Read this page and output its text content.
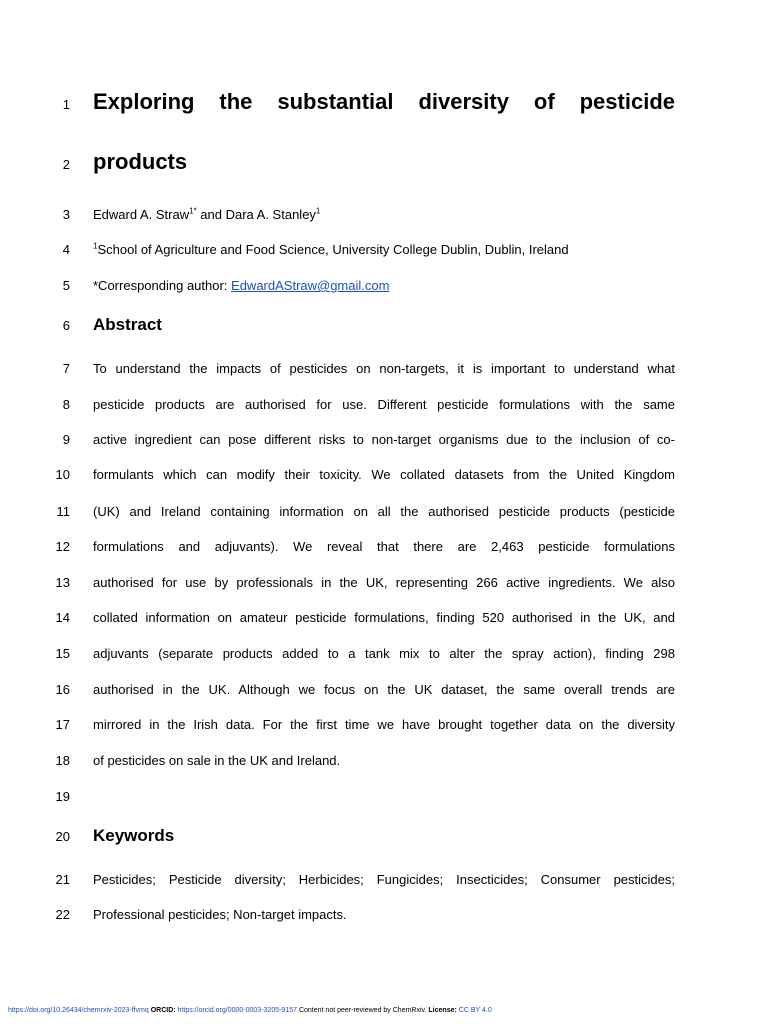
1
2
3
4
5
6
7
8
9
10
11
12
13
14
15
16
17
18
19
20
21
22
Exploring the substantial diversity of pesticide
products
Edward A. Straw$^{1*}$ and Dara A. Stanley$^1$
$^1$School of Agriculture and Food Science, University College Dublin, Dublin, Ireland
*Corresponding author: EdwardAStraw@gmail.com
Abstract
To understand the impacts of pesticides on non-targets, it is important to understand what
pesticide products are authorised for use. Different pesticide formulations with the same
active ingredient can pose different risks to non-target organisms due to the inclusion of co-
formulants which can modify their toxicity. We collated datasets from the United Kingdom
(UK) and Ireland containing information on all the authorised pesticide products (pesticide
formulations and adjuvants). We reveal that there are 2,463 pesticide formulations
authorised for use by professionals in the UK, representing 266 active ingredients. We also
collated information on amateur pesticide formulations, finding 520 authorised in the UK, and
adjuvants (separate products added to a tank mix to alter the spray action), finding 298
authorised in the UK. Although we focus on the UK dataset, the same overall trends are
mirrored in the Irish data. For the first time we have brought together data on the diversity
of pesticides on sale in the UK and Ireland.
Keywords
Pesticides; Pesticide diversity; Herbicides; Fungicides; Insecticides; Consumer pesticides;
Professional pesticides; Non-target impacts.
https://doi.org/10.26434/chemrxiv-2023-ffvmq ORCID: https://orcid.org/0000-0003-3205-9157 Content not peer-reviewed by ChemRxiv. License: CC BY 4.0
